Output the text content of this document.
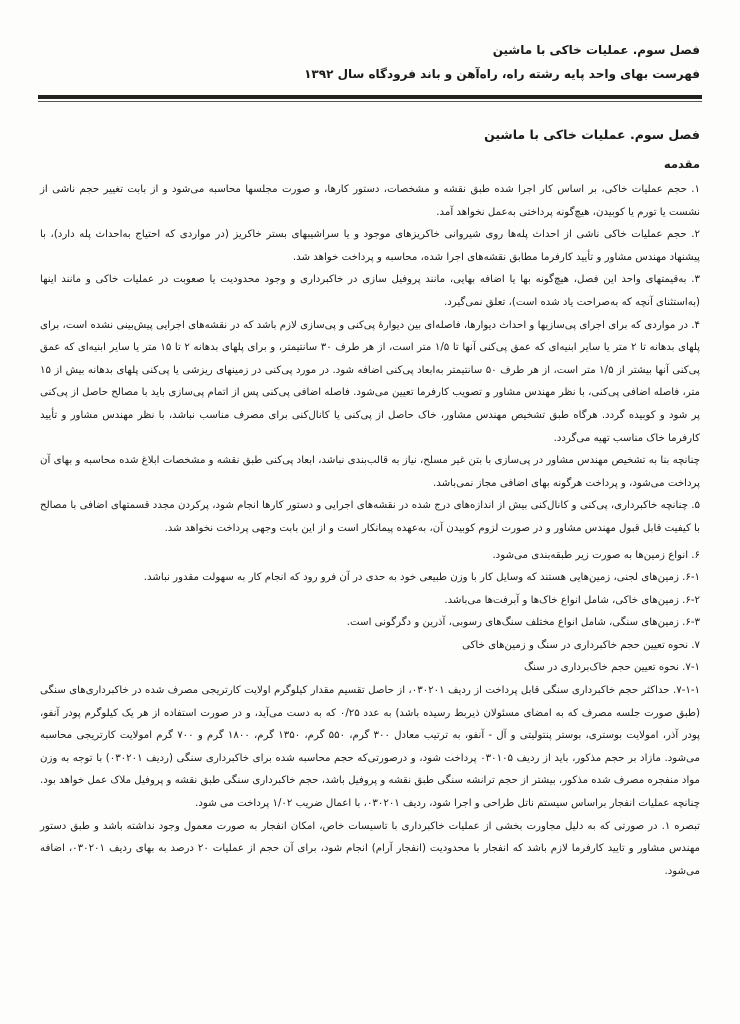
فصل سوم. عملیات خاکی با ماشین
فهرست بهای واحد پایه رشته راه، راه‌آهن و باند فرودگاه سال ۱۳۹۲
فصل سوم. عملیات خاکی با ماشین
مقدمه

۱. حجم عملیات خاکی، بر اساس کار اجرا شده طبق نقشه و مشخصات، دستور کارها، و صورت مجلسها محاسبه می‌شود و از بابت تغییر حجم ناشی از نشست یا تورم یا کوبیدن، هیچ‌گونه پرداختی به‌عمل نخواهد آمد.

۲. حجم عملیات خاکی ناشی از احداث پله‌ها روی شیروانی خاکریزهای موجود و یا سراشیبهای بستر خاکریز (در مواردی که احتیاج به‌احداث پله دارد)، با پیشنهاد مهندس مشاور و تأیید کارفرما مطابق نقشه‌های اجرا شده، محاسبه و پرداخت خواهد شد.

۳. به‌قیمتهای واحد این فصل، هیچ‌گونه بها یا اضافه بهایی، مانند پروفیل سازی در خاکبرداری و وجود محدودیت یا صعوبت در عملیات خاکی و مانند اینها (به‌استثنای آنچه که به‌صراحت یاد شده است)، تعلق نمی‌گیرد.

۴. در مواردی که برای اجرای پی‌سازیها و احداث دیوارها، فاصله‌ای بین دیوارهٔ پی‌کنی و پی‌سازی لازم باشد که در نقشه‌های اجرایی پیش‌بینی نشده است، برای پلهای بدهانه تا ۲ متر یا سایر ابنیه‌ای که عمق پی‌کنی آنها تا ۱/۵ متر است، از هر طرف ۳۰ سانتیمتر، و برای پلهای بدهانه ۲ تا ۱۵ متر یا سایر ابنیه‌ای که عمق پی‌کنی آنها بیشتر از ۱/۵ متر است، از هر طرف ۵۰ سانتیمتر به‌ابعاد پی‌کنی اضافه شود. در مورد پی‌کنی در زمینهای ریزشی یا پی‌کنی پلهای بدهانه بیش از ۱۵ متر، فاصله اضافی پی‌کنی، با نظر مهندس مشاور و تصویب کارفرما تعیین می‌شود. فاصله اضافی پی‌کنی پس از اتمام پی‌سازی باید با مصالح حاصل از پی‌کنی پر شود و کوبیده گردد. هرگاه طبق تشخیص مهندس مشاور، خاک حاصل از پی‌کنی یا کانال‌کنی برای مصرف مناسب نباشد، با نظر مهندس مشاور و تأیید کارفرما خاک مناسب تهیه می‌گردد.

چنانچه بنا به تشخیص مهندس مشاور در پی‌سازی با بتن غیر مسلح، نیاز به قالب‌بندی نباشد، ابعاد پی‌کنی طبق نقشه و مشخصات ابلاغ شده محاسبه و بهای آن پرداخت می‌شود، و پرداخت هرگونه بهای اضافی مجاز نمی‌باشد.

۵. چنانچه خاکبرداری، پی‌کنی و کانال‌کنی بیش از اندازه‌های درج شده در نقشه‌های اجرایی و دستور کارها انجام شود، پرکردن مجدد قسمتهای اضافی با مصالح با کیفیت قابل قبول مهندس مشاور و در صورت لزوم کوبیدن آن، به‌عهده پیمانکار است و از این بابت وجهی پرداخت نخواهد شد.

۶. انواع زمین‌ها به صورت زیر طبقه‌بندی می‌شود.

۶-۱. زمین‌های لجنی، زمین‌هایی هستند که وسایل کار با وزن طبیعی خود به حدی در آن فرو رود که انجام کار به سهولت مقدور نباشد.

۶-۲. زمین‌های خاکی، شامل انواع خاک‌ها و آبرفت‌ها می‌باشد.

۶-۳. زمین‌های سنگی، شامل انواع مختلف سنگ‌های رسوبی، آذرین و دگرگونی است.

۷. نحوه تعیین حجم خاکبرداری در سنگ و زمین‌های خاکی

۷-۱. نحوه تعیین حجم خاک‌برداری در سنگ

۷-۱-۱. حداکثر حجم خاکبرداری سنگی قابل پرداخت از ردیف ۰۳۰۲۰۱، از حاصل تقسیم مقدار کیلوگرم اولایت کارتریجی مصرف شده در خاکبرداری‌های سنگی (طبق صورت جلسه مصرف که به امضای مسئولان ذیربط رسیده باشد) به عدد ۰/۲۵ که به دست می‌آید، و در صورت استفاده از هر یک کیلوگرم پودر آنفو، پودر آذر، امولایت بوستری، بوستر پنتولیتی و آل - آنفو، به ترتیب معادل ۳۰۰ گرم، ۵۵۰ گرم، ۱۳۵۰ گرم، ۱۸۰۰ گرم و ۷۰۰ گرم امولایت کارتریجی محاسبه می‌شود. مازاد بر حجم مذکور، باید از ردیف ۰۳۰۱۰۵ پرداخت شود، و درصورتی‌که حجم محاسبه شده برای خاکبرداری سنگی (ردیف ۰۳۰۲۰۱) با توجه به وزن مواد منفجره مصرف شده مذکور، بیشتر از حجم ترانشه سنگی طبق نقشه و پروفیل باشد، حجم خاکبرداری سنگی طبق نقشه و پروفیل ملاک عمل خواهد بود. چنانچه عملیات انفجار براساس سیستم ناتل طراحی و اجرا شود، ردیف ۰۳۰۲۰۱، با اعمال ضریب ۱/۰۲ پرداخت می شود.

تبصره ۱. در صورتی که به دلیل مجاورت بخشی از عملیات خاکبرداری با تاسیسات خاص، امکان انفجار به صورت معمول وجود نداشته باشد و طبق دستور مهندس مشاور و تایید کارفرما لازم باشد که انفجار با محدودیت (انفجار آرام) انجام شود، برای آن حجم از عملیات ۲۰ درصد به بهای ردیف ۰۳۰۲۰۱، اضافه می‌شود.
